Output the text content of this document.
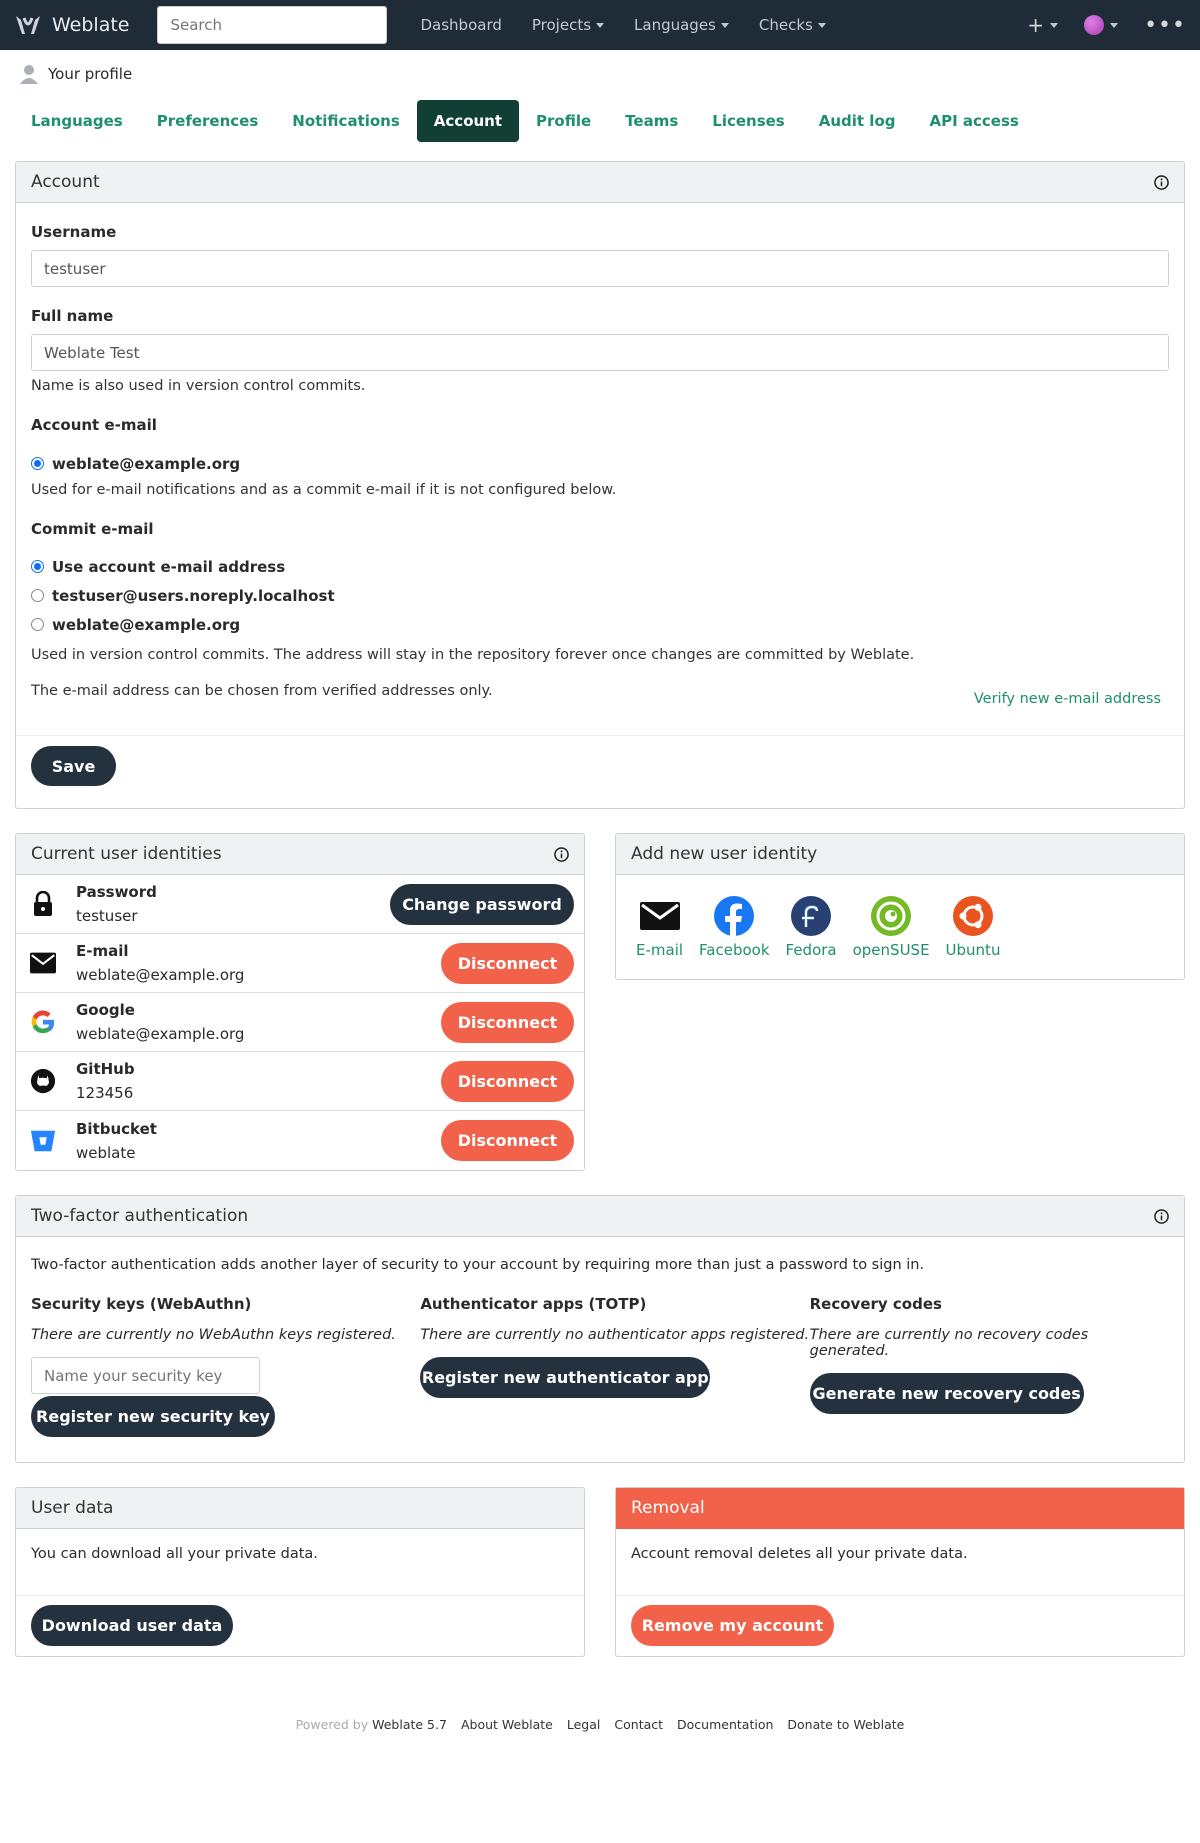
Weblate
Search	Dashboard Projects	Languages	Checks	+	•••
Your profile
Languages	Preferences	Notifications	Account	Profile	Teams	Licenses	Audit log	API access
Account
Username
testuser
Full name
Weblate Test
Name is also used in version control commits.
Account e-mail
weblate@example.org
Used for e-mail notifications and as a commit e-mail if it is not configured below.
Commit e-mail
Use account e-mail address
testuser@users.noreply.localhost
weblate@example.org
Used in version control commits. The address will stay in the repository forever once changes are committed by Weblate.
The e-mail address can be chosen from verified addresses only.	Verify new e-mail address
Save
Current user identities
Password
testuser
Change password
E-mail
weblate@example.org
Disconnect
Google
weblate@example.org
Disconnect
GitHub
123456
Disconnect
Bitbucket
weblate
Disconnect
Add new user identity
E-mail Facebook Fedora openSUSE Ubuntu
Two-factor authentication
Two-factor authentication adds another layer of security to your account by requiring more than just a password to sign in.
Security keys (WebAuthn)
There are currently no WebAuthn keys registered.
Name your security key Register new security key
Authenticator apps (TOTP)
There are currently no authenticator apps registered.
Register new authenticator app
Recovery codes
There are currently no recovery codes generated.
Generate new recovery codes
User data
You can download all your private data.
Download user data
Removal
Account removal deletes all your private data.
Remove my account
Powered by Weblate 5.7 About Weblate Legal Contact Documentation Donate to Weblate
